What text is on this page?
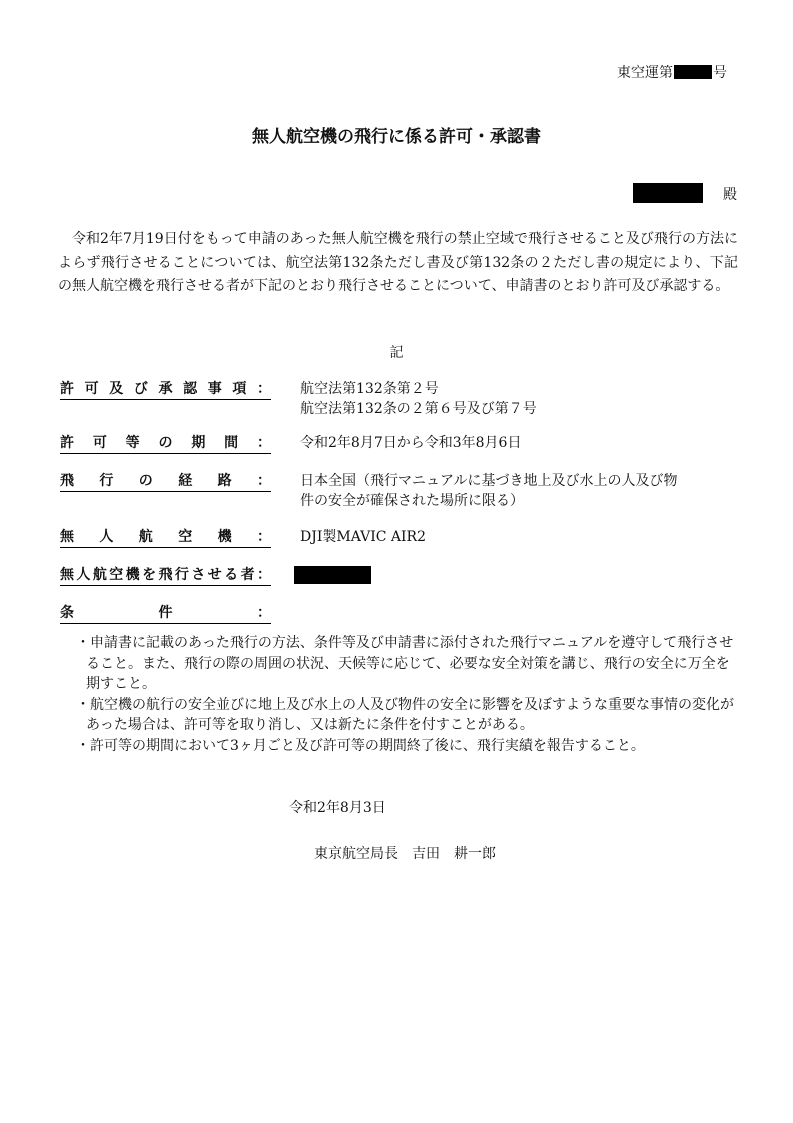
東空運第	号
無人航空機の飛行に係る許可・承認書
殿
　令和2年7月19日付をもって申請のあった無人航空機を飛行の禁止空域で飛行させること及び飛行の方法によらず飛行させることについては、航空法第132条ただし書及び第132条の２ただし書の規定により、下記の無人航空機を飛行させる者が下記のとおり飛行させることについて、申請書のとおり許可及び承認する。
記
許可及び承認事項： 航空法第132条第２号
航空法第132条の２第６号及び第７号
許可等の期間： 令和2年8月7日から令和3年8月6日
飛行の経路： 日本全国（飛行マニュアルに基づき地上及び水上の人及び物
件の安全が確保された場所に限る）
無人航空機： DJI製MAVIC AIR2
無人航空機を飛行させる者：
条件：
・申請書に記載のあった飛行の方法、条件等及び申請書に添付された飛行マニュアルを遵守して飛行させること。また、飛行の際の周囲の状況、天候等に応じて、必要な安全対策を講じ、飛行の安全に万全を期すこと。
・航空機の航行の安全並びに地上及び水上の人及び物件の安全に影響を及ぼすような重要な事情の変化があった場合は、許可等を取り消し、又は新たに条件を付すことがある。
・許可等の期間において3ヶ月ごと及び許可等の期間終了後に、飛行実績を報告すること。
令和2年8月3日
東京航空局長　吉田　耕一郎
